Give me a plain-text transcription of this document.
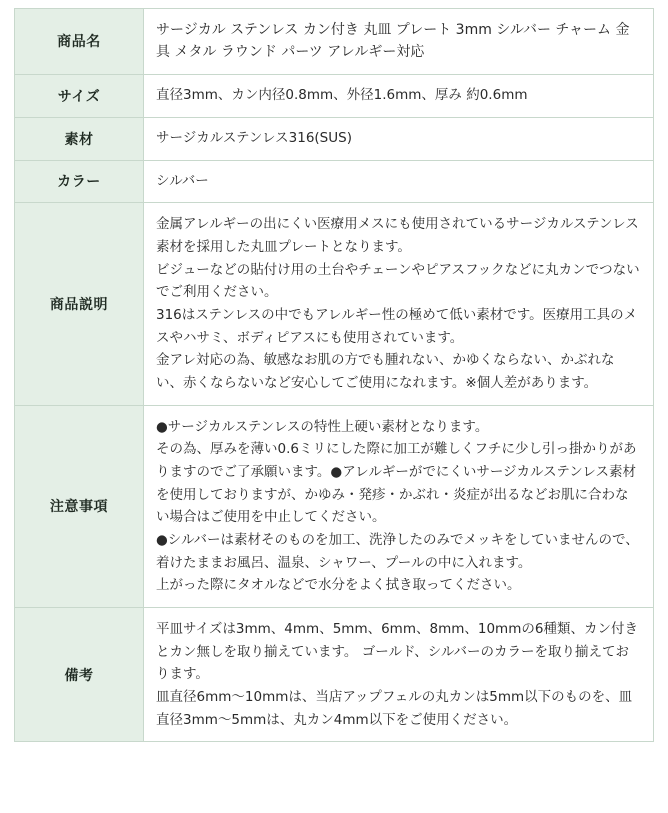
商品名	サージカル ステンレス カン付き 丸皿 プレート 3mm シルバー チャーム 金具 メタル ラウンド パーツ アレルギー対応

サイズ	直径3mm、カン内径0.8mm、外径1.6mm、厚み 約0.6mm

素材	サージカルステンレス316(SUS)

カラー	シルバー

商品説明	金属アレルギーの出にくい医療用メスにも使用されているサージカルステンレス素材を採用した丸皿プレートとなります。

ビジューなどの貼付け用の土台やチェーンやピアスフックなどに丸カンでつないでご利用ください。

316はステンレスの中でもアレルギー性の極めて低い素材です。医療用工具のメスやハサミ、ボディピアスにも使用されています。

金アレ対応の為、敏感なお肌の方でも腫れない、かゆくならない、かぶれない、赤くならないなど安心してご使用になれます。※個人差があります。

注意事項	●サージカルステンレスの特性上硬い素材となります。

その為、厚みを薄い0.6ミリにした際に加工が難しくフチに少し引っ掛かりがありますのでご了承願います。●アレルギーがでにくいサージカルステンレス素材を使用しておりますが、かゆみ・発疹・かぶれ・炎症が出るなどお肌に合わない場合はご使用を中止してください。

●シルバーは素材そのものを加工、洗浄したのみでメッキをしていませんので、着けたままお風呂、温泉、シャワー、プールの中に入れます。

上がった際にタオルなどで水分をよく拭き取ってください。

備考	平皿サイズは3mm、4mm、5mm、6mm、8mm、10mmの6種類、カン付きとカン無しを取り揃えています。 ゴールド、シルバーのカラーを取り揃えております。

皿直径6mm〜10mmは、当店アップフェルの丸カンは5mm以下のものを、皿直径3mm〜5mmは、丸カン4mm以下をご使用ください。
